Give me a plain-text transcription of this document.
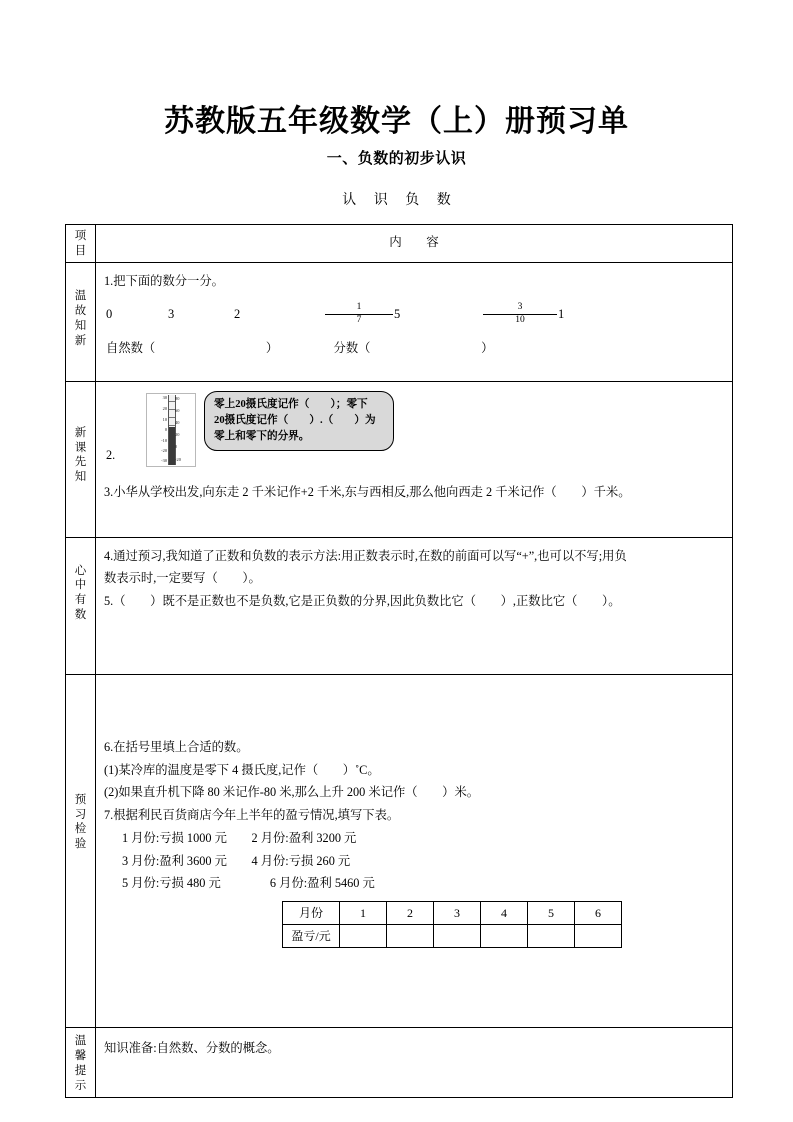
苏教版五年级数学（上）册预习单
一、负数的初步认识
认 识 负 数
项目

内　容

温故知新

1.把下面的数分一分。
0	3	2	$\frac{1}{7} 5$	$\frac{3}{10} 1$
自然数（　　　　　　　　　）　　　　　分数（　　　　　　　　　）

新课先知

2.
30
20
10
0
-10
-20
-30
80
60
40
20
0
-20
零上20摄氏度记作（　　）；零下
20摄氏度记作（　　）.（　　）为
零上和零下的分界。
3.小华从学校出发,向东走 2 千米记作+2 千米,东与西相反,那么他向西走 2 千米记作（　　）千米。

心中有数

4.通过预习,我知道了正数和负数的表示方法:用正数表示时,在数的前面可以写“+”,也可以不写;用负
数表示时,一定要写（　　）。
5.（　　）既不是正数也不是负数,它是正负数的分界,因此负数比它（　　）,正数比它（　　）。

预习检验

6.在括号里填上合适的数。
(1)某冷库的温度是零下 4 摄氏度,记作（　　）˚C。
(2)如果直升机下降 80 米记作-80 米,那么上升 200 米记作（　　）米。
7.根据利民百货商店今年上半年的盈亏情况,填写下表。
1 月份:亏损 1000 元　　2 月份:盈利 3200 元
3 月份:盈利 3600 元　　4 月份:亏损 260 元
5 月份:亏损 480 元　　　　6 月份:盈利 5460 元
月份	1	2	3	4	5	6
盈亏/元						

温馨提示

知识准备:自然数、分数的概念。
